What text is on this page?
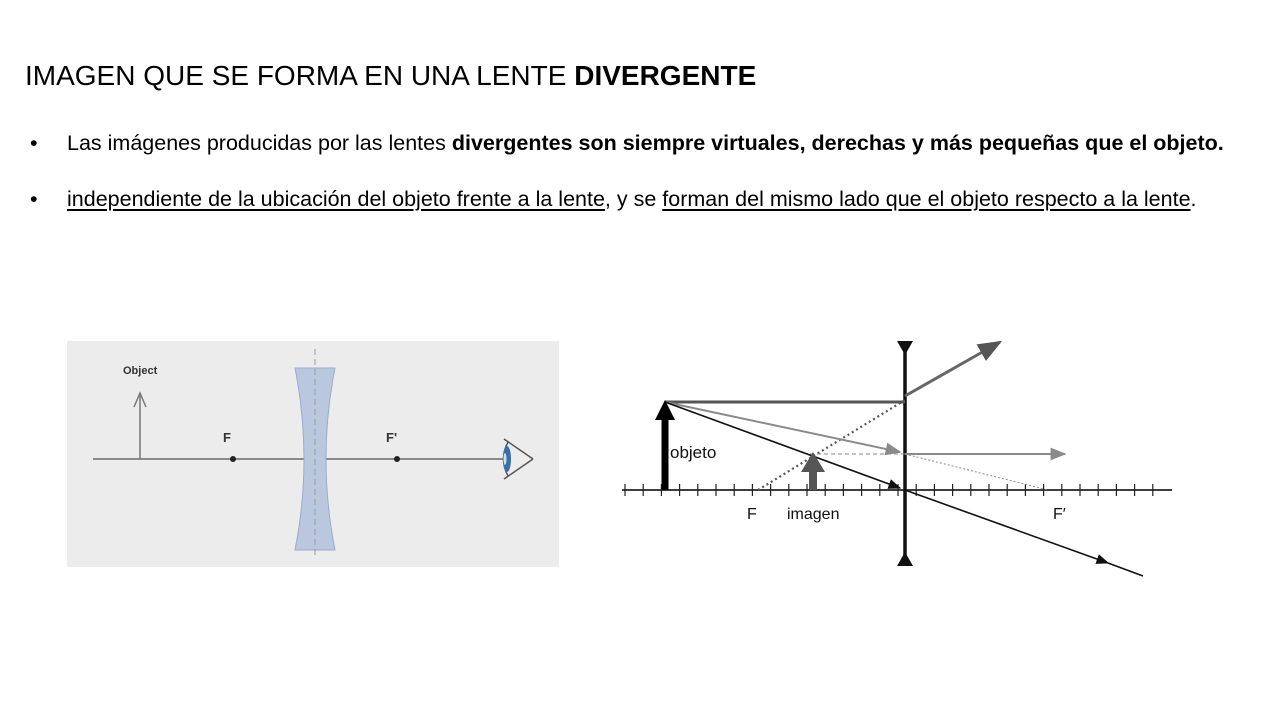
IMAGEN QUE SE FORMA EN UNA LENTE DIVERGENTE
• Las imágenes producidas por las lentes divergentes son siempre virtuales, derechas y más pequeñas que el objeto.
• independiente de la ubicación del objeto frente a la lente, y se forman del mismo lado que el objeto respecto a la lente.
Object
F	F'
objeto
F imagen	F′
